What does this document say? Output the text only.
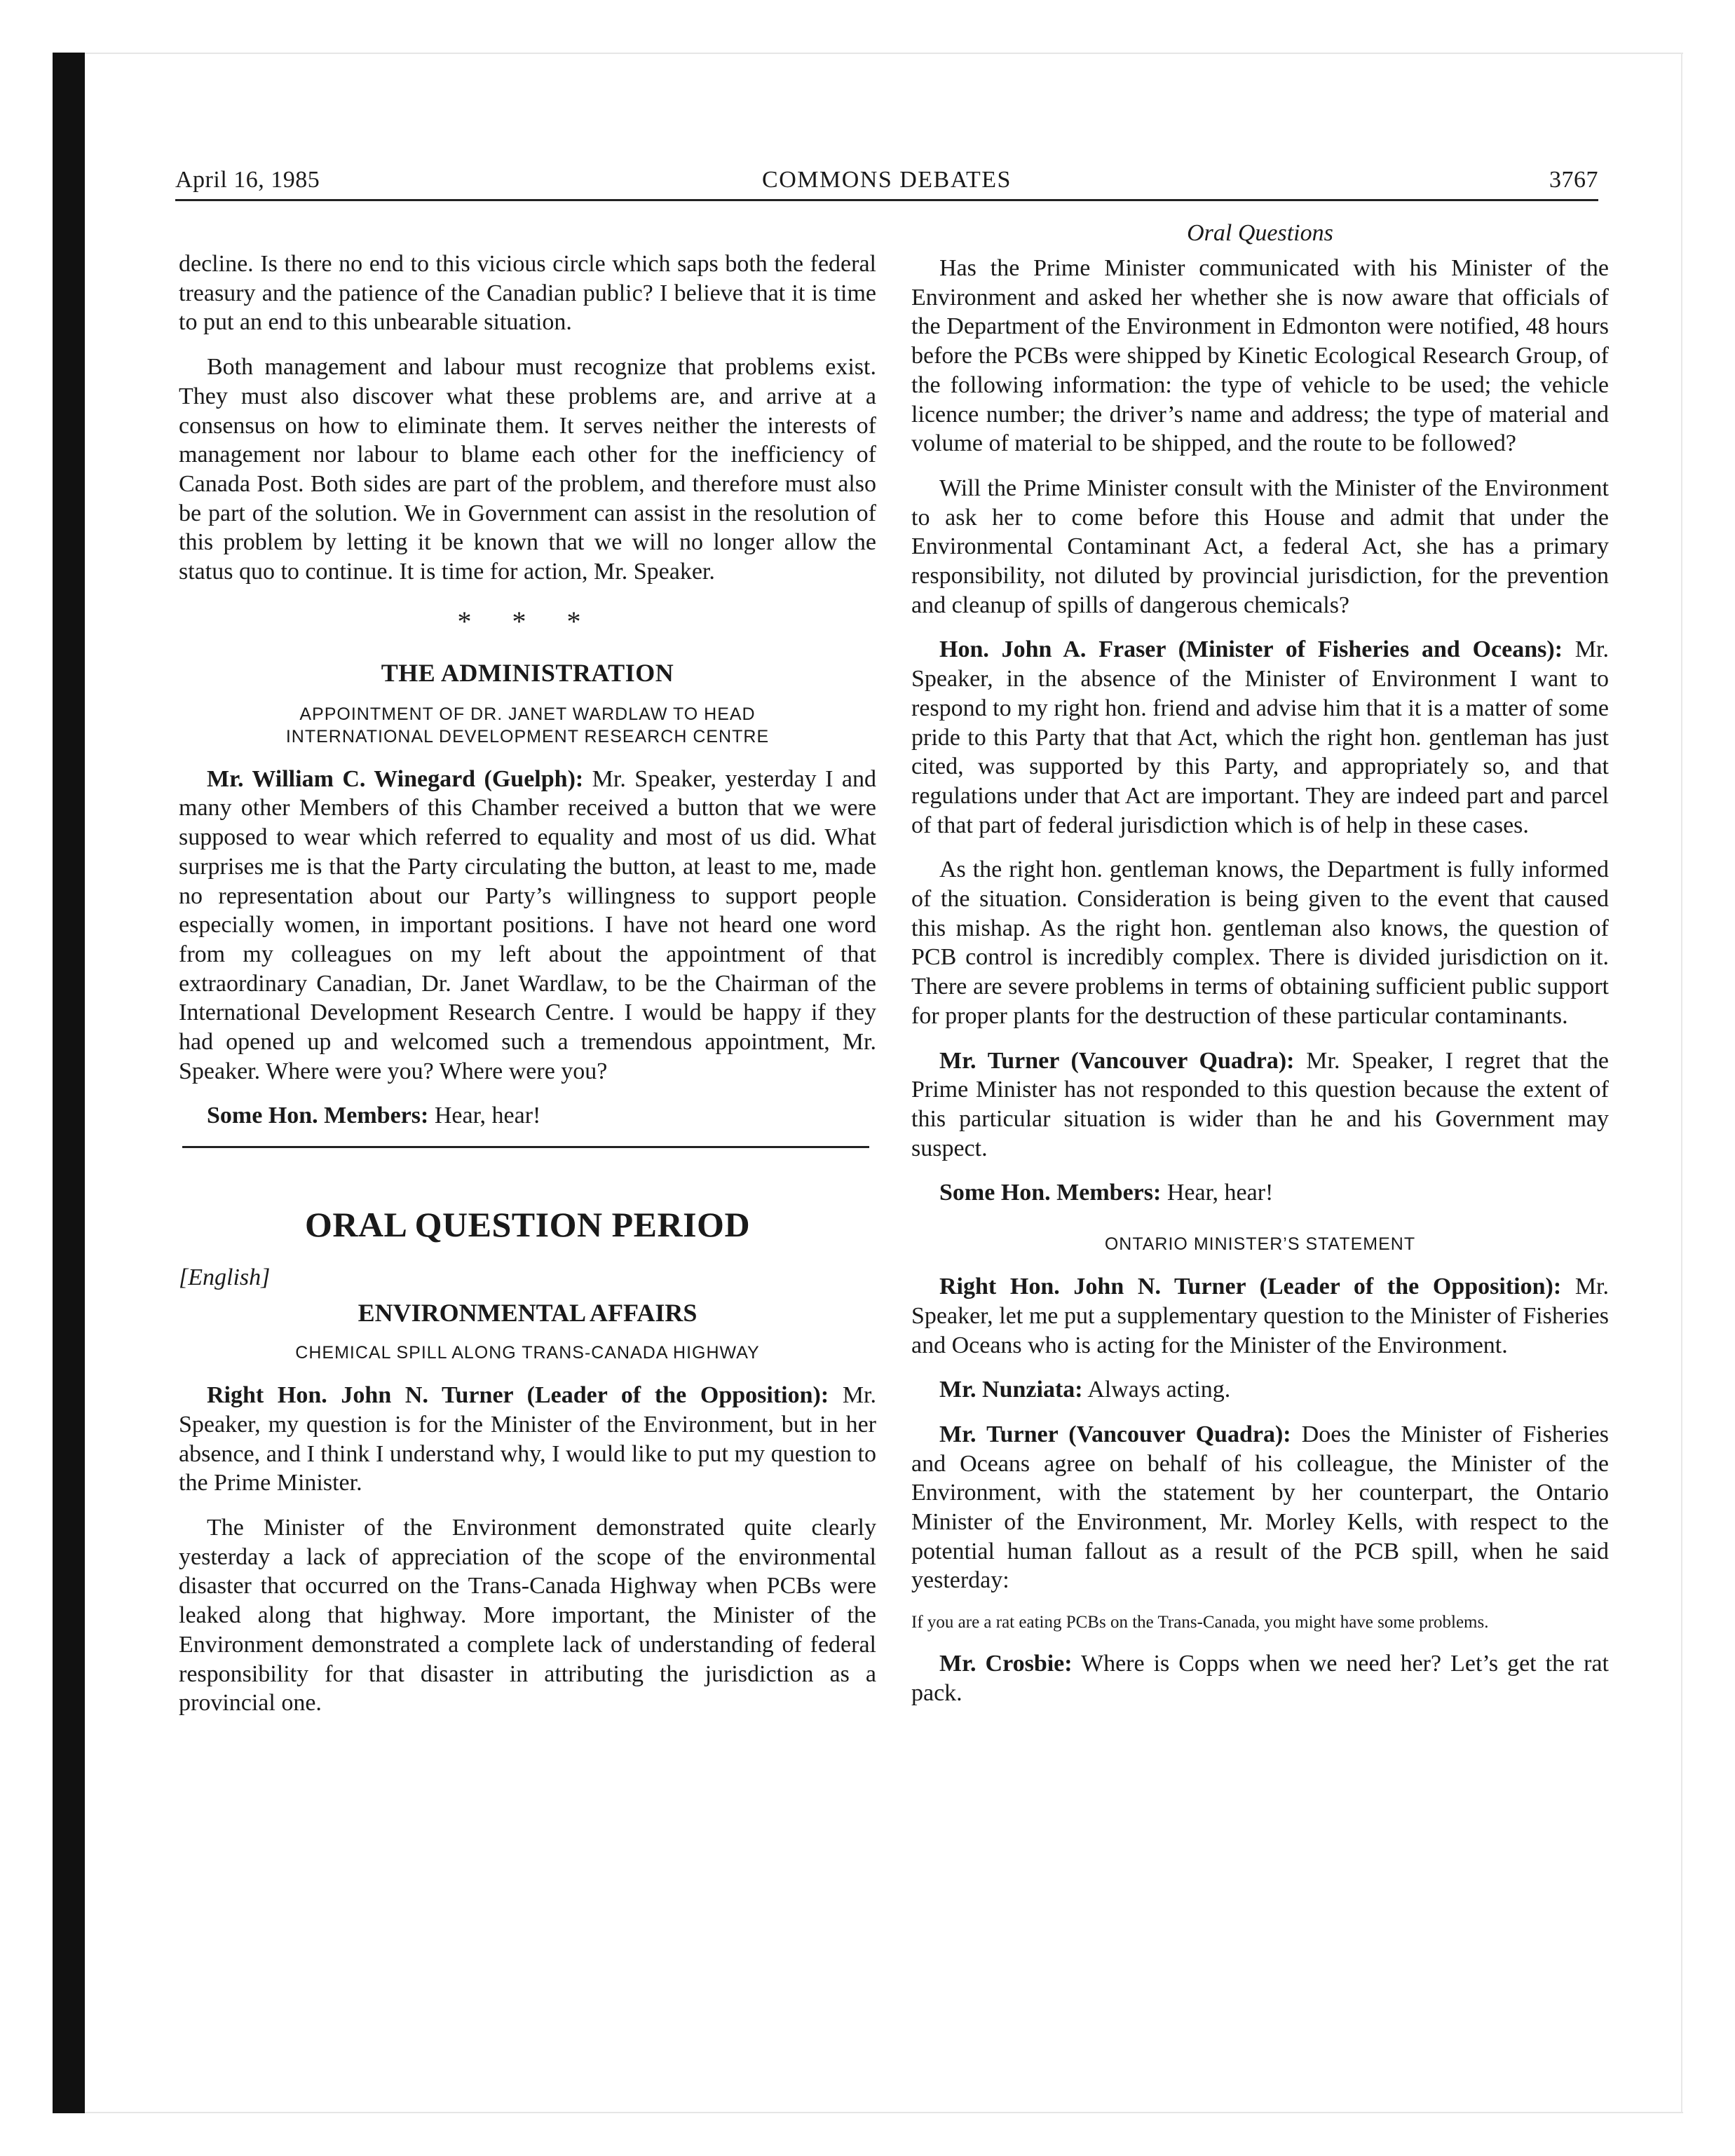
April 16, 1985	COMMONS DEBATES	3767

decline. Is there no end to this vicious circle which saps both the federal treasury and the patience of the Canadian public? I believe that it is time to put an end to this unbearable situation.

Both management and labour must recognize that problems exist. They must also discover what these problems are, and arrive at a consensus on how to eliminate them. It serves neither the interests of management nor labour to blame each other for the inefficiency of Canada Post. Both sides are part of the problem, and therefore must also be part of the solution. We in Government can assist in the resolution of this problem by letting it be known that we will no longer allow the status quo to continue. It is time for action, Mr. Speaker.

* * *
THE ADMINISTRATION
APPOINTMENT OF DR. JANET WARDLAW TO HEAD
INTERNATIONAL DEVELOPMENT RESEARCH CENTRE

Mr. William C. Winegard (Guelph): Mr. Speaker, yesterday I and many other Members of this Chamber received a button that we were supposed to wear which referred to equality and most of us did. What surprises me is that the Party circulating the button, at least to me, made no representation about our Party’s willingness to support people especially women, in important positions. I have not heard one word from my colleagues on my left about the appointment of that extraordinary Canadian, Dr. Janet Wardlaw, to be the Chairman of the International Development Research Centre. I would be happy if they had opened up and welcomed such a tremendous appointment, Mr. Speaker. Where were you? Where were you?

Some Hon. Members: Hear, hear!

ORAL QUESTION PERIOD
[English]
ENVIRONMENTAL AFFAIRS
CHEMICAL SPILL ALONG TRANS-CANADA HIGHWAY

Right Hon. John N. Turner (Leader of the Opposition): Mr. Speaker, my question is for the Minister of the Environment, but in her absence, and I think I understand why, I would like to put my question to the Prime Minister.

The Minister of the Environment demonstrated quite clearly yesterday a lack of appreciation of the scope of the environmental disaster that occurred on the Trans-Canada Highway when PCBs were leaked along that highway. More important, the Minister of the Environment demonstrated a complete lack of understanding of federal responsibility for that disaster in attributing the jurisdiction as a provincial one.

Oral Questions

Has the Prime Minister communicated with his Minister of the Environment and asked her whether she is now aware that officials of the Department of the Environment in Edmonton were notified, 48 hours before the PCBs were shipped by Kinetic Ecological Research Group, of the following information: the type of vehicle to be used; the vehicle licence number; the driver’s name and address; the type of material and volume of material to be shipped, and the route to be followed?

Will the Prime Minister consult with the Minister of the Environment to ask her to come before this House and admit that under the Environmental Contaminant Act, a federal Act, she has a primary responsibility, not diluted by provincial jurisdiction, for the prevention and cleanup of spills of dangerous chemicals?

Hon. John A. Fraser (Minister of Fisheries and Oceans): Mr. Speaker, in the absence of the Minister of Environment I want to respond to my right hon. friend and advise him that it is a matter of some pride to this Party that that Act, which the right hon. gentleman has just cited, was supported by this Party, and appropriately so, and that regulations under that Act are important. They are indeed part and parcel of that part of federal jurisdiction which is of help in these cases.

As the right hon. gentleman knows, the Department is fully informed of the situation. Consideration is being given to the event that caused this mishap. As the right hon. gentleman also knows, the question of PCB control is incredibly complex. There is divided jurisdiction on it. There are severe problems in terms of obtaining sufficient public support for proper plants for the destruction of these particular contaminants.

Mr. Turner (Vancouver Quadra): Mr. Speaker, I regret that the Prime Minister has not responded to this question because the extent of this particular situation is wider than he and his Government may suspect.

Some Hon. Members: Hear, hear!

ONTARIO MINISTER’S STATEMENT

Right Hon. John N. Turner (Leader of the Opposition): Mr. Speaker, let me put a supplementary question to the Minister of Fisheries and Oceans who is acting for the Minister of the Environment.

Mr. Nunziata: Always acting.

Mr. Turner (Vancouver Quadra): Does the Minister of Fisheries and Oceans agree on behalf of his colleague, the Minister of the Environment, with the statement by her counterpart, the Ontario Minister of the Environment, Mr. Morley Kells, with respect to the potential human fallout as a result of the PCB spill, when he said yesterday:

If you are a rat eating PCBs on the Trans-Canada, you might have some problems.

Mr. Crosbie: Where is Copps when we need her? Let’s get the rat pack.
